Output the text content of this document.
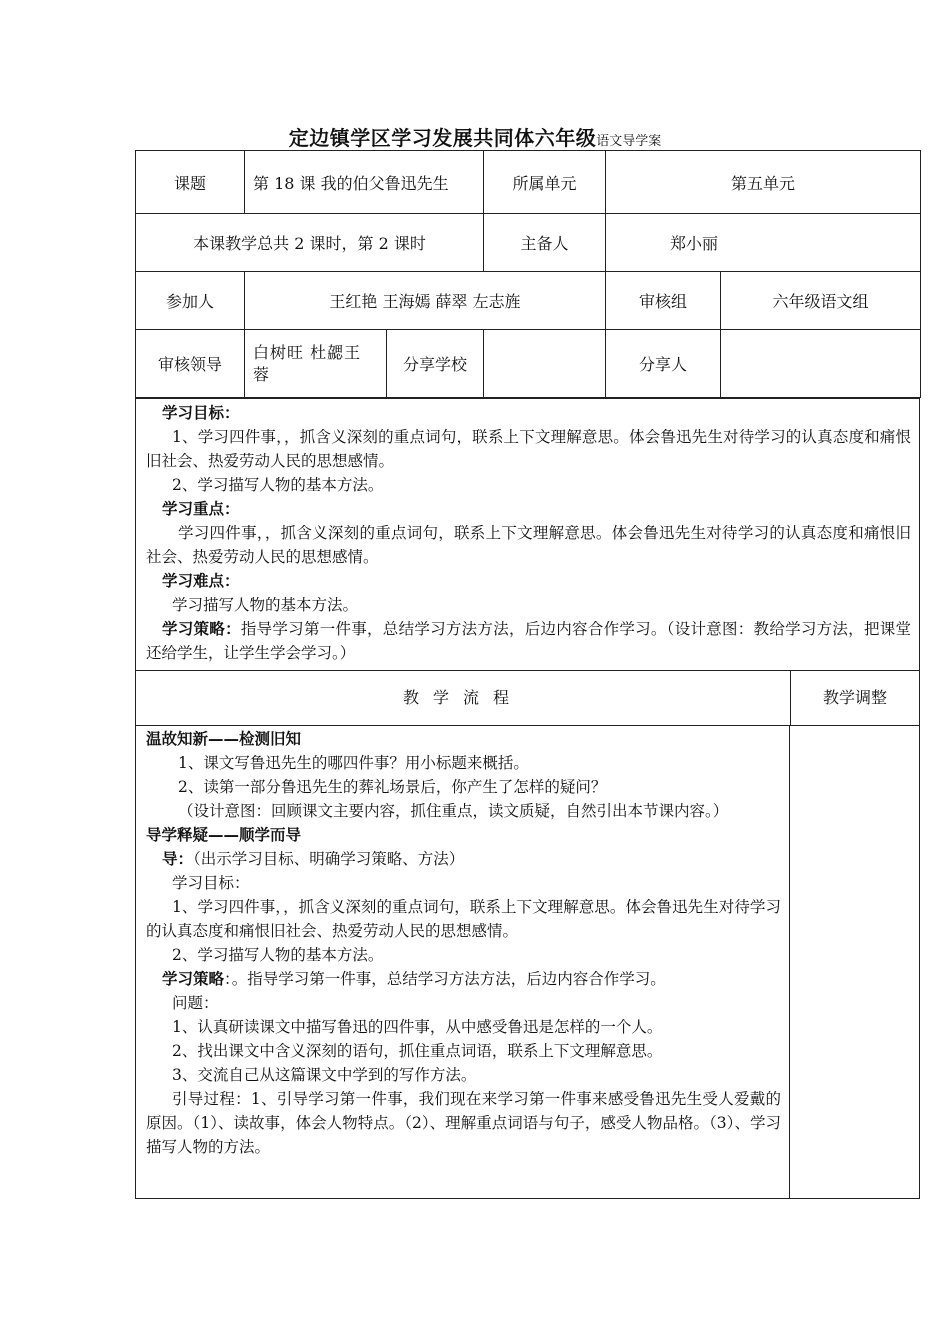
定边镇学区学习发展共同体六年级语文导学案
课题	第 18 课 我的伯父鲁迅先生		所属单元	第五单元	
本课教学总共 2 课时，第 2 课时			主备人	郑小丽	
参加人	王红艳 王海嫣 薛翠 左志旌			审核组	六年级语文组
审核领导	白树旺 杜勰王蓉	分享学校		分享人	

学习目标：

1、学习四件事，，抓含义深刻的重点词句，联系上下文理解意思。体会鲁迅先生对待学习的认真态度和痛恨旧社会、热爱劳动人民的思想感情。

2、学习描写人物的基本方法。

学习重点：

学习四件事，，抓含义深刻的重点词句，联系上下文理解意思。体会鲁迅先生对待学习的认真态度和痛恨旧社会、热爱劳动人民的思想感情。

学习难点：

学习描写人物的基本方法。

学习策略：指导学习第一件事，总结学习方法方法，后边内容合作学习。（设计意图：教给学习方法，把课堂还给学生，让学生学会学习。）

教学流程	教学调整

温故知新——检测旧知

1、课文写鲁迅先生的哪四件事？用小标题来概括。

2、读第一部分鲁迅先生的葬礼场景后，你产生了怎样的疑问？

（设计意图：回顾课文主要内容，抓住重点，读文质疑，自然引出本节课内容。）

导学释疑——顺学而导

导：（出示学习目标、明确学习策略、方法）

学习目标：

1、学习四件事，，抓含义深刻的重点词句，联系上下文理解意思。体会鲁迅先生对待学习的认真态度和痛恨旧社会、热爱劳动人民的思想感情。

2、学习描写人物的基本方法。

学习策略：。指导学习第一件事，总结学习方法方法，后边内容合作学习。

问题：

1、认真研读课文中描写鲁迅的四件事，从中感受鲁迅是怎样的一个人。

2、找出课文中含义深刻的语句，抓住重点词语，联系上下文理解意思。

3、交流自己从这篇课文中学到的写作方法。

引导过程：1、引导学习第一件事，我们现在来学习第一件事来感受鲁迅先生受人爱戴的原因。（1）、读故事，体会人物特点。（2）、理解重点词语与句子，感受人物品格。（3）、学习描写人物的方法。
